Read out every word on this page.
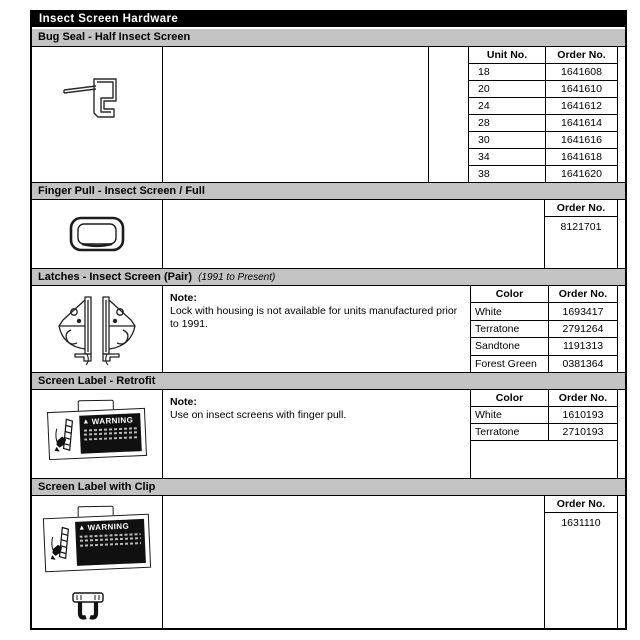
Insect Screen Hardware
Bug Seal - Half Insect Screen
Unit No.	Order No.
18	1641608
20	1641610
24	1641612
28	1641614
30	1641616
34	1641618
38	1641620
Finger Pull - Insect Screen / Full
Order No.
8121701
Latches - Insect Screen (Pair) (1991 to Present)
Note:
Lock with housing is not available for units manufactured prior to 1991.
Color	Order No.
White	1693417
Terratone	2791264
Sandtone	1191313
Forest Green	0381364
Screen Label - Retrofit
▲ WARNING
Note:
Use on insect screens with finger pull.
Color	Order No.
White	1610193
Terratone	2710193
Screen Label with Clip
▲ WARNING
Order No.
1631110
